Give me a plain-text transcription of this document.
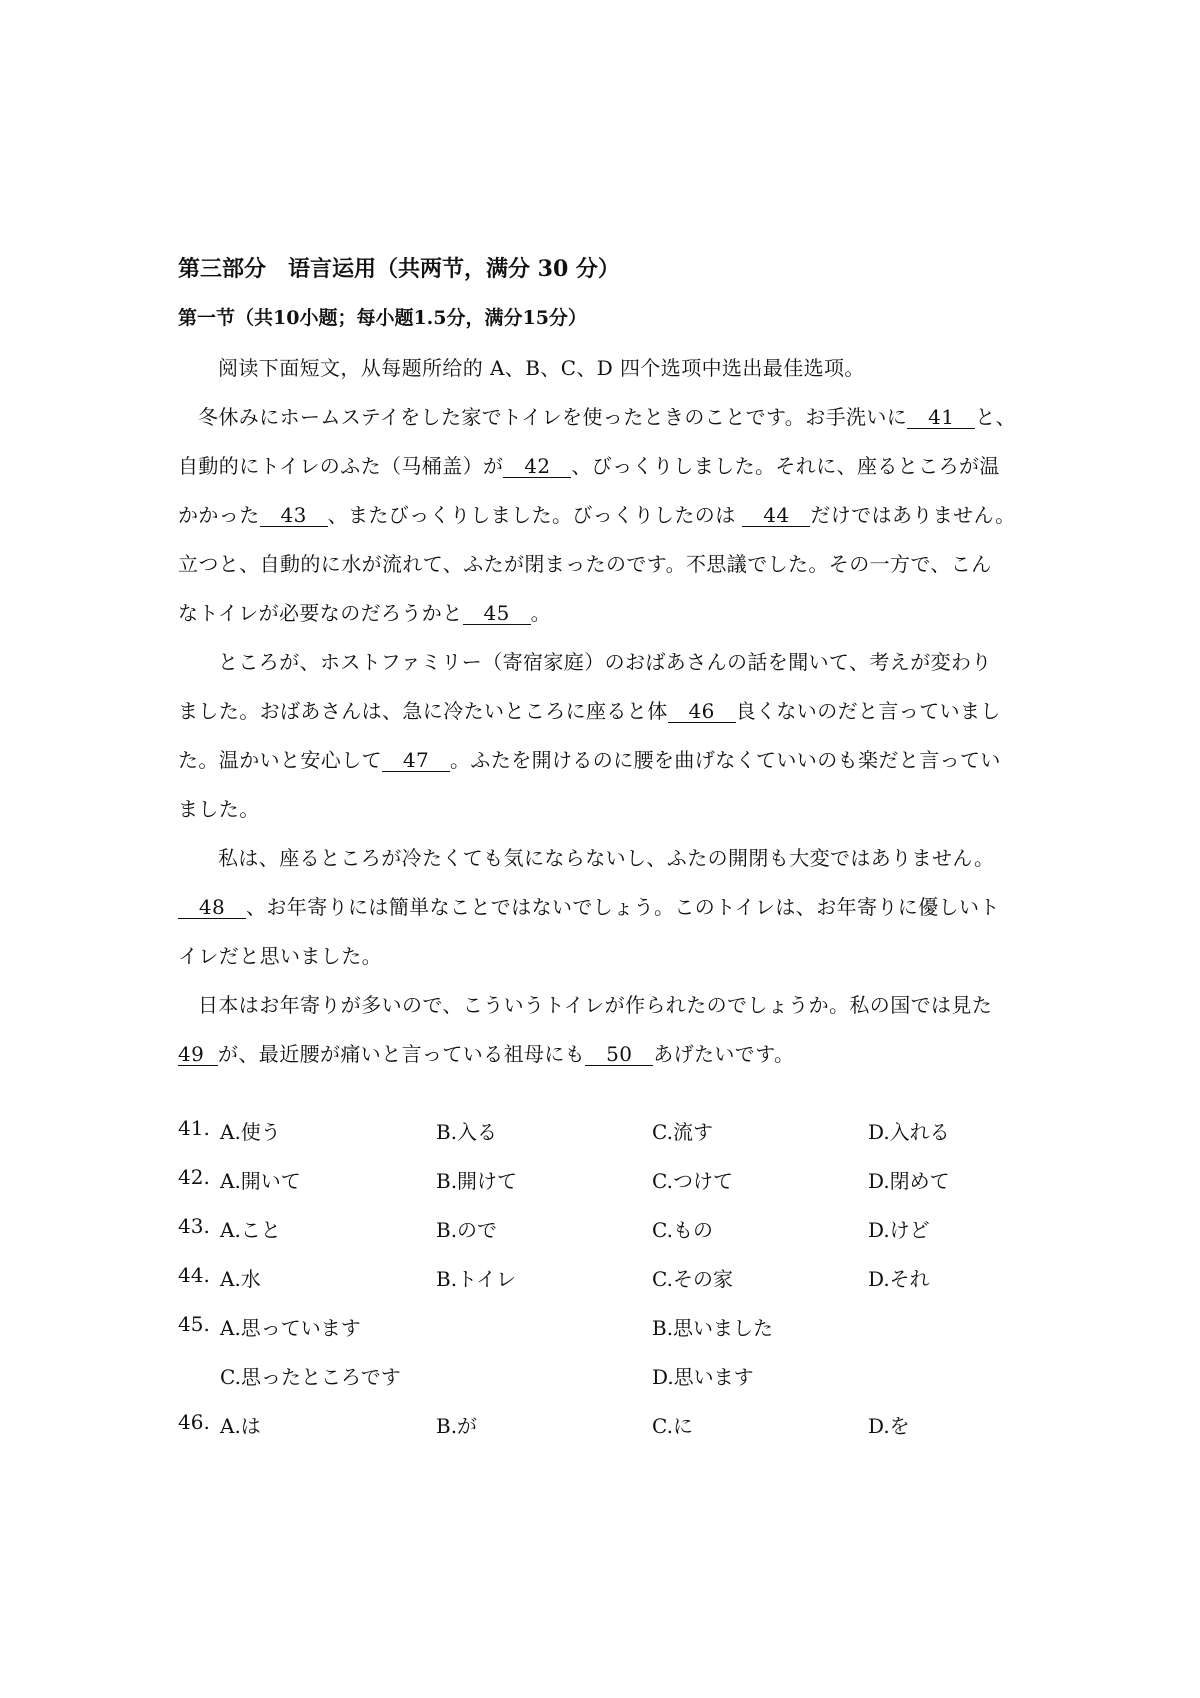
第三部分　语言运用（共两节，满分 30 分）
第一节（共10小题；每小题1.5分，满分15分）
阅读下面短文，从每题所给的 A、B、C、D 四个选项中选出最佳选项。
冬休みにホームステイをした家でトイレを使ったときのことです。お手洗いに 41 と、
自動的にトイレのふた（马桶盖）が 42 、びっくりしました。それに、座るところが温
かかった 43 、またびっくりしました。びっくりしたのは 44 だけではありません。
立つと、自動的に水が流れて、ふたが閉まったのです。不思議でした。その一方で、こん
なトイレが必要なのだろうかと 45 。
ところが、ホストファミリー（寄宿家庭）のおばあさんの話を聞いて、考えが変わり
ました。おばあさんは、急に冷たいところに座ると体 46 良くないのだと言っていまし
た。温かいと安心して 47 。ふたを開けるのに腰を曲げなくていいのも楽だと言ってい
ました。
私は、座るところが冷たくても気にならないし、ふたの開閉も大変ではありません。
48 、お年寄りには簡単なことではないでしょう。このトイレは、お年寄りに優しいト
イレだと思いました。
日本はお年寄りが多いので、こういうトイレが作られたのでしょうか。私の国では見た
49 が、最近腰が痛いと言っている祖母にも 50 あげたいです。
41. A.使う	B.入る	C.流す	D.入れる
42. A.開いて	B.開けて	C.つけて	D.閉めて
43. A.こと	B.ので	C.もの	D.けど
44. A.水	B.トイレ	C.その家	D.それ
45. A.思っています	B.思いました
C.思ったところです	D.思います
46. A.は	B.が	C.に	D.を
